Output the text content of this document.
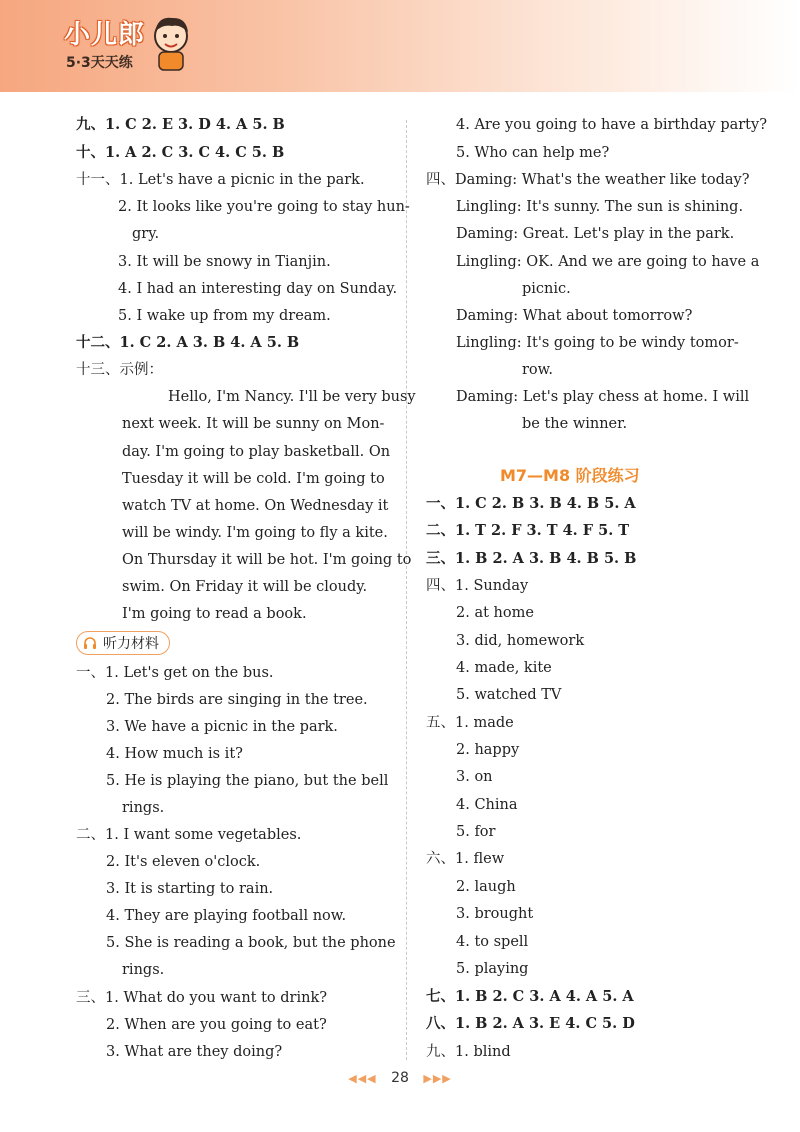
小儿郎
5·3天天练
九、1. C 2. E 3. D 4. A 5. B
十、1. A 2. C 3. C 4. C 5. B
十一、1. Let's have a picnic in the park.
2. It looks like you're going to stay hun-
gry.
3. It will be snowy in Tianjin.
4. I had an interesting day on Sunday.
5. I wake up from my dream.
十二、1. C 2. A 3. B 4. A 5. B
十三、示例：
Hello, I'm Nancy. I'll be very busy
next week. It will be sunny on Mon-
day. I'm going to play basketball. On
Tuesday it will be cold. I'm going to
watch TV at home. On Wednesday it
will be windy. I'm going to fly a kite.
On Thursday it will be hot. I'm going to
swim. On Friday it will be cloudy.
I'm going to read a book.
听力材料
一、1. Let's get on the bus.
2. The birds are singing in the tree.
3. We have a picnic in the park.
4. How much is it?
5. He is playing the piano, but the bell
rings.
二、1. I want some vegetables.
2. It's eleven o'clock.
3. It is starting to rain.
4. They are playing football now.
5. She is reading a book, but the phone
rings.
三、1. What do you want to drink?
2. When are you going to eat?
3. What are they doing?
4. Are you going to have a birthday party?
5. Who can help me?
四、Daming: What's the weather like today?
Lingling: It's sunny. The sun is shining.
Daming: Great. Let's play in the park.
Lingling: OK. And we are going to have a
picnic.
Daming: What about tomorrow?
Lingling: It's going to be windy tomor-
row.
Daming: Let's play chess at home. I will
be the winner.
M7—M8 阶段练习
一、1. C 2. B 3. B 4. B 5. A
二、1. T 2. F 3. T 4. F 5. T
三、1. B 2. A 3. B 4. B 5. B
四、1. Sunday
2. at home
3. did, homework
4. made, kite
5. watched TV
五、1. made
2. happy
3. on
4. China
5. for
六、1. flew
2. laugh
3. brought
4. to spell
5. playing
七、1. B 2. C 3. A 4. A 5. A
八、1. B 2. A 3. E 4. C 5. D
九、1. blind
◀◀◀ 28 ▶▶▶
